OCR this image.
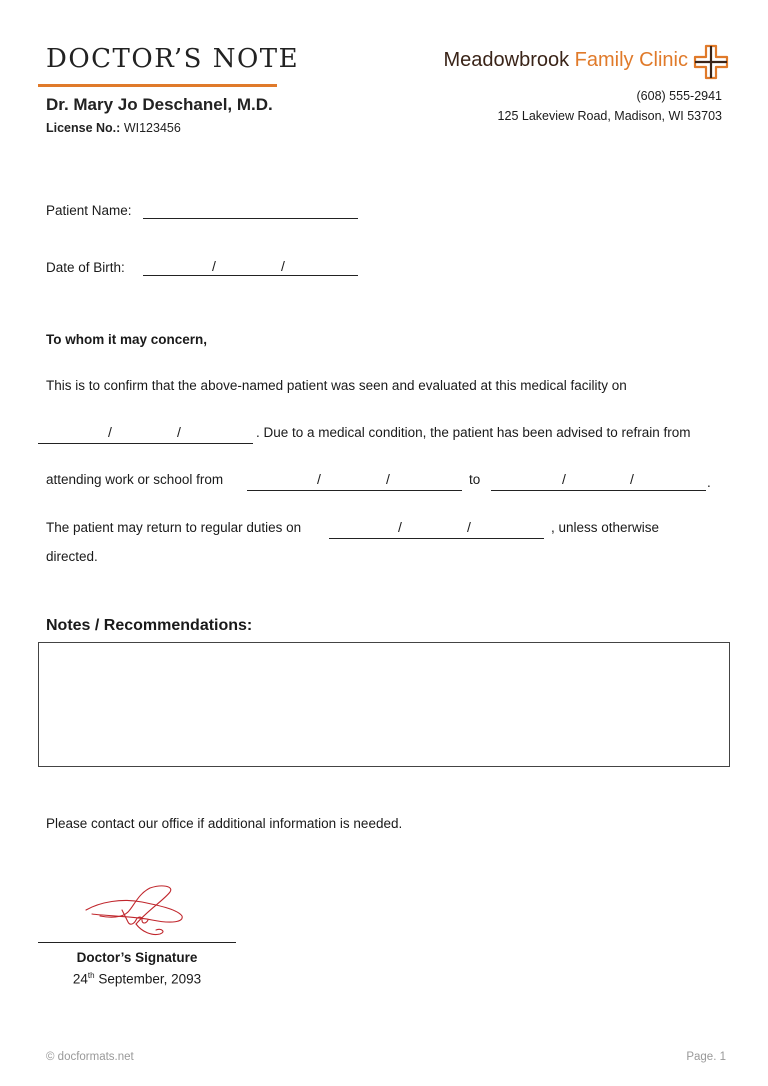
DOCTOR’S NOTE
Dr. Mary Jo Deschanel, M.D.
License No.: WI123456
Meadowbrook Family Clinic
(608) 555-2941
125 Lakeview Road, Madison, WI 53703
Patient Name:
Date of Birth:	/	/
To whom it may concern,
This is to confirm that the above-named patient was seen and evaluated at this medical facility on
/	/	. Due to a medical condition, the patient has been advised to refrain from
attending work or school from	/	/	to	/	/	.
The patient may return to regular duties on	/	/	, unless otherwise
directed.
Notes / Recommendations:
Please contact our office if additional information is needed.
Doctor’s Signature
24th September, 2093
© docformats.net	Page. 1
